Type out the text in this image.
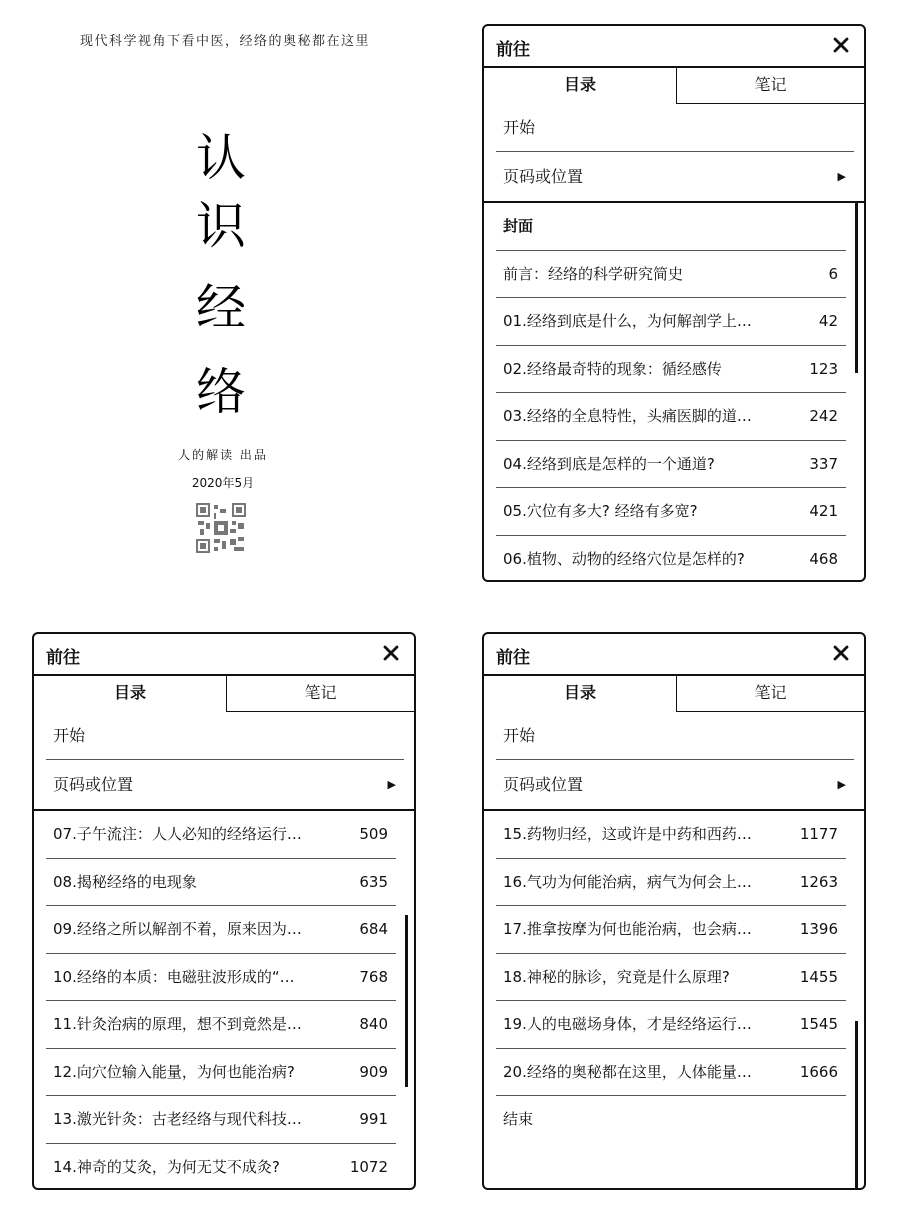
现代科学视角下看中医，经络的奥秘都在这里
认
识
经
络
人的解读 出品
2020年5月
前往
目录	笔记
开始
页码或位置	▶
封面
前言：经络的科学研究简史	6
01.经络到底是什么，为何解剖学上…	42
02.经络最奇特的现象：循经感传	123
03.经络的全息特性，头痛医脚的道…	242
04.经络到底是怎样的一个通道?	337
05.穴位有多大? 经络有多宽?	421
06.植物、动物的经络穴位是怎样的?	468
前往
目录	笔记
开始
页码或位置	▶
07.子午流注：人人必知的经络运行…	509
08.揭秘经络的电现象	635
09.经络之所以解剖不着，原来因为…	684
10.经络的本质：电磁驻波形成的“…	768
11.针灸治病的原理，想不到竟然是…	840
12.向穴位输入能量，为何也能治病?	909
13.激光针灸：古老经络与现代科技…	991
14.神奇的艾灸，为何无艾不成灸?	1072
前往
目录	笔记
开始
页码或位置	▶
15.药物归经，这或许是中药和西药…	1177
16.气功为何能治病，病气为何会上…	1263
17.推拿按摩为何也能治病，也会病…	1396
18.神秘的脉诊，究竟是什么原理?	1455
19.人的电磁场身体，才是经络运行…	1545
20.经络的奥秘都在这里，人体能量…	1666
结束
